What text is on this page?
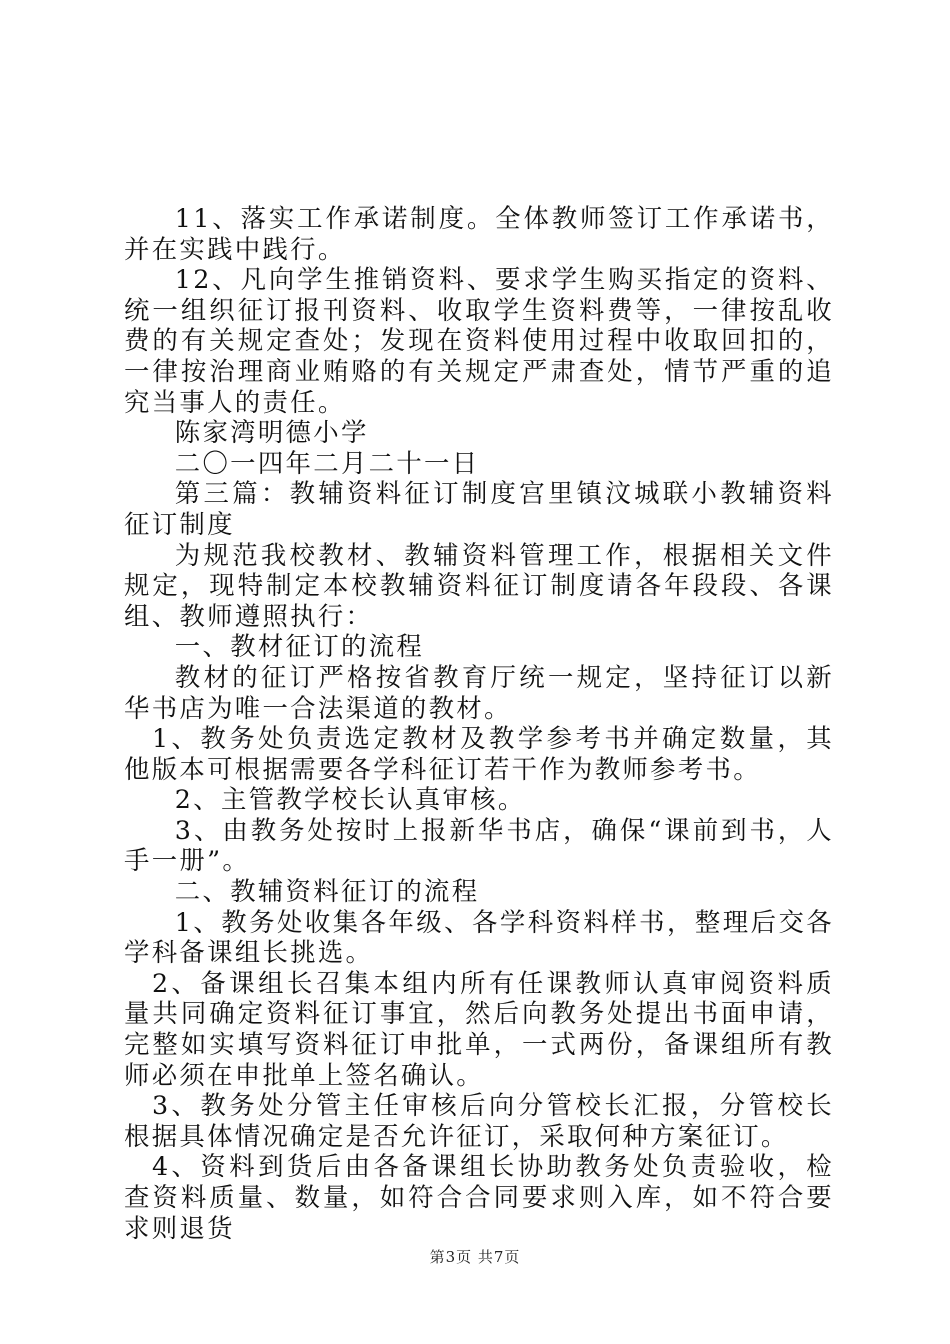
11、落实工作承诺制度。全体教师签订工作承诺书，并在实践中践行。

12、凡向学生推销资料、要求学生购买指定的资料、统一组织征订报刊资料、收取学生资料费等，一律按乱收费的有关规定查处；发现在资料使用过程中收取回扣的，一律按治理商业贿赂的有关规定严肃查处，情节严重的追究当事人的责任。

陈家湾明德小学

二〇一四年二月二十一日

第三篇：教辅资料征订制度宫里镇汶城联小教辅资料征订制度

为规范我校教材、教辅资料管理工作，根据相关文件规定，现特制定本校教辅资料征订制度请各年段段、各课组、教师遵照执行：

一、教材征订的流程

教材的征订严格按省教育厅统一规定，坚持征订以新华书店为唯一合法渠道的教材。

1、教务处负责选定教材及教学参考书并确定数量，其他版本可根据需要各学科征订若干作为教师参考书。

2、主管教学校长认真审核。

3、由教务处按时上报新华书店，确保“课前到书，人手一册”。

二、教辅资料征订的流程

1、教务处收集各年级、各学科资料样书，整理后交各学科备课组长挑选。

2、备课组长召集本组内所有任课教师认真审阅资料质量共同确定资料征订事宜，然后向教务处提出书面申请，完整如实填写资料征订申批单，一式两份，备课组所有教师必须在申批单上签名确认。

3、教务处分管主任审核后向分管校长汇报，分管校长根据具体情况确定是否允许征订，采取何种方案征订。

4、资料到货后由各备课组长协助教务处负责验收，检查资料质量、数量，如符合合同要求则入库，如不符合要求则退货

第3页 共7页
